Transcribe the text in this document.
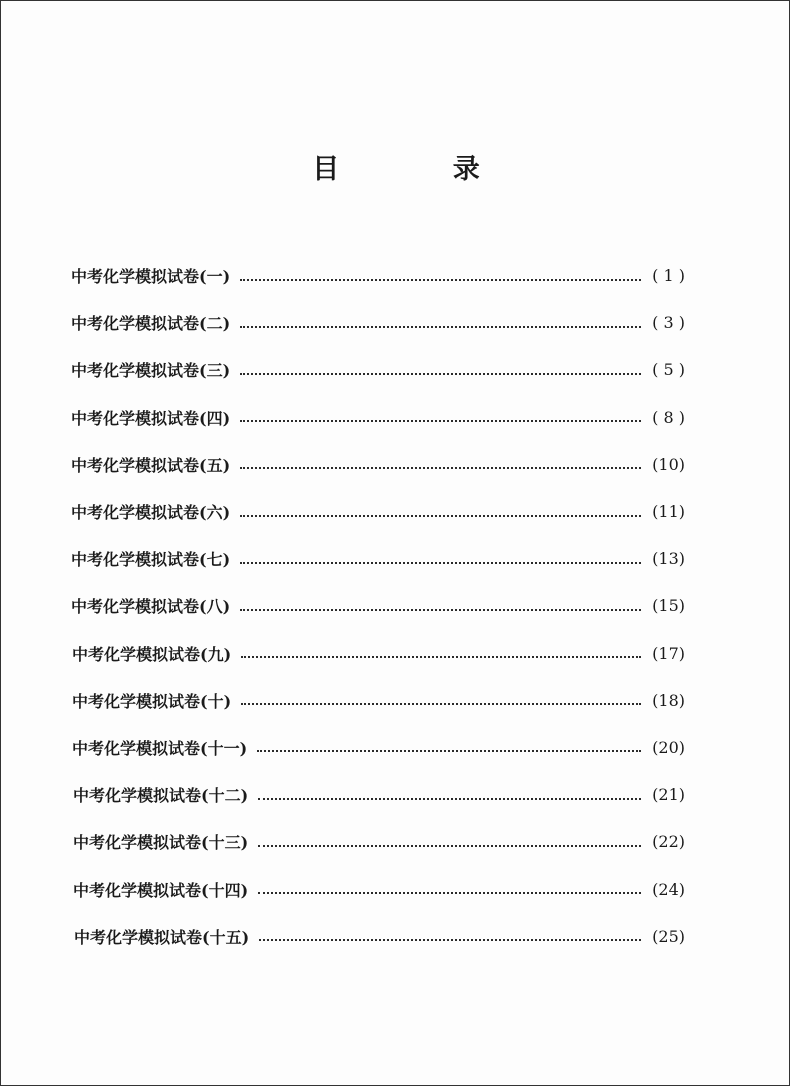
目 录
中考化学模拟试卷(一)	( 1 )
中考化学模拟试卷(二)	( 3 )
中考化学模拟试卷(三)	( 5 )
中考化学模拟试卷(四)	( 8 )
中考化学模拟试卷(五)	(10)
中考化学模拟试卷(六)	(11)
中考化学模拟试卷(七)	(13)
中考化学模拟试卷(八)	(15)
中考化学模拟试卷(九)	(17)
中考化学模拟试卷(十)	(18)
中考化学模拟试卷(十一)	(20)
中考化学模拟试卷(十二)	(21)
中考化学模拟试卷(十三)	(22)
中考化学模拟试卷(十四)	(24)
中考化学模拟试卷(十五)	(25)
